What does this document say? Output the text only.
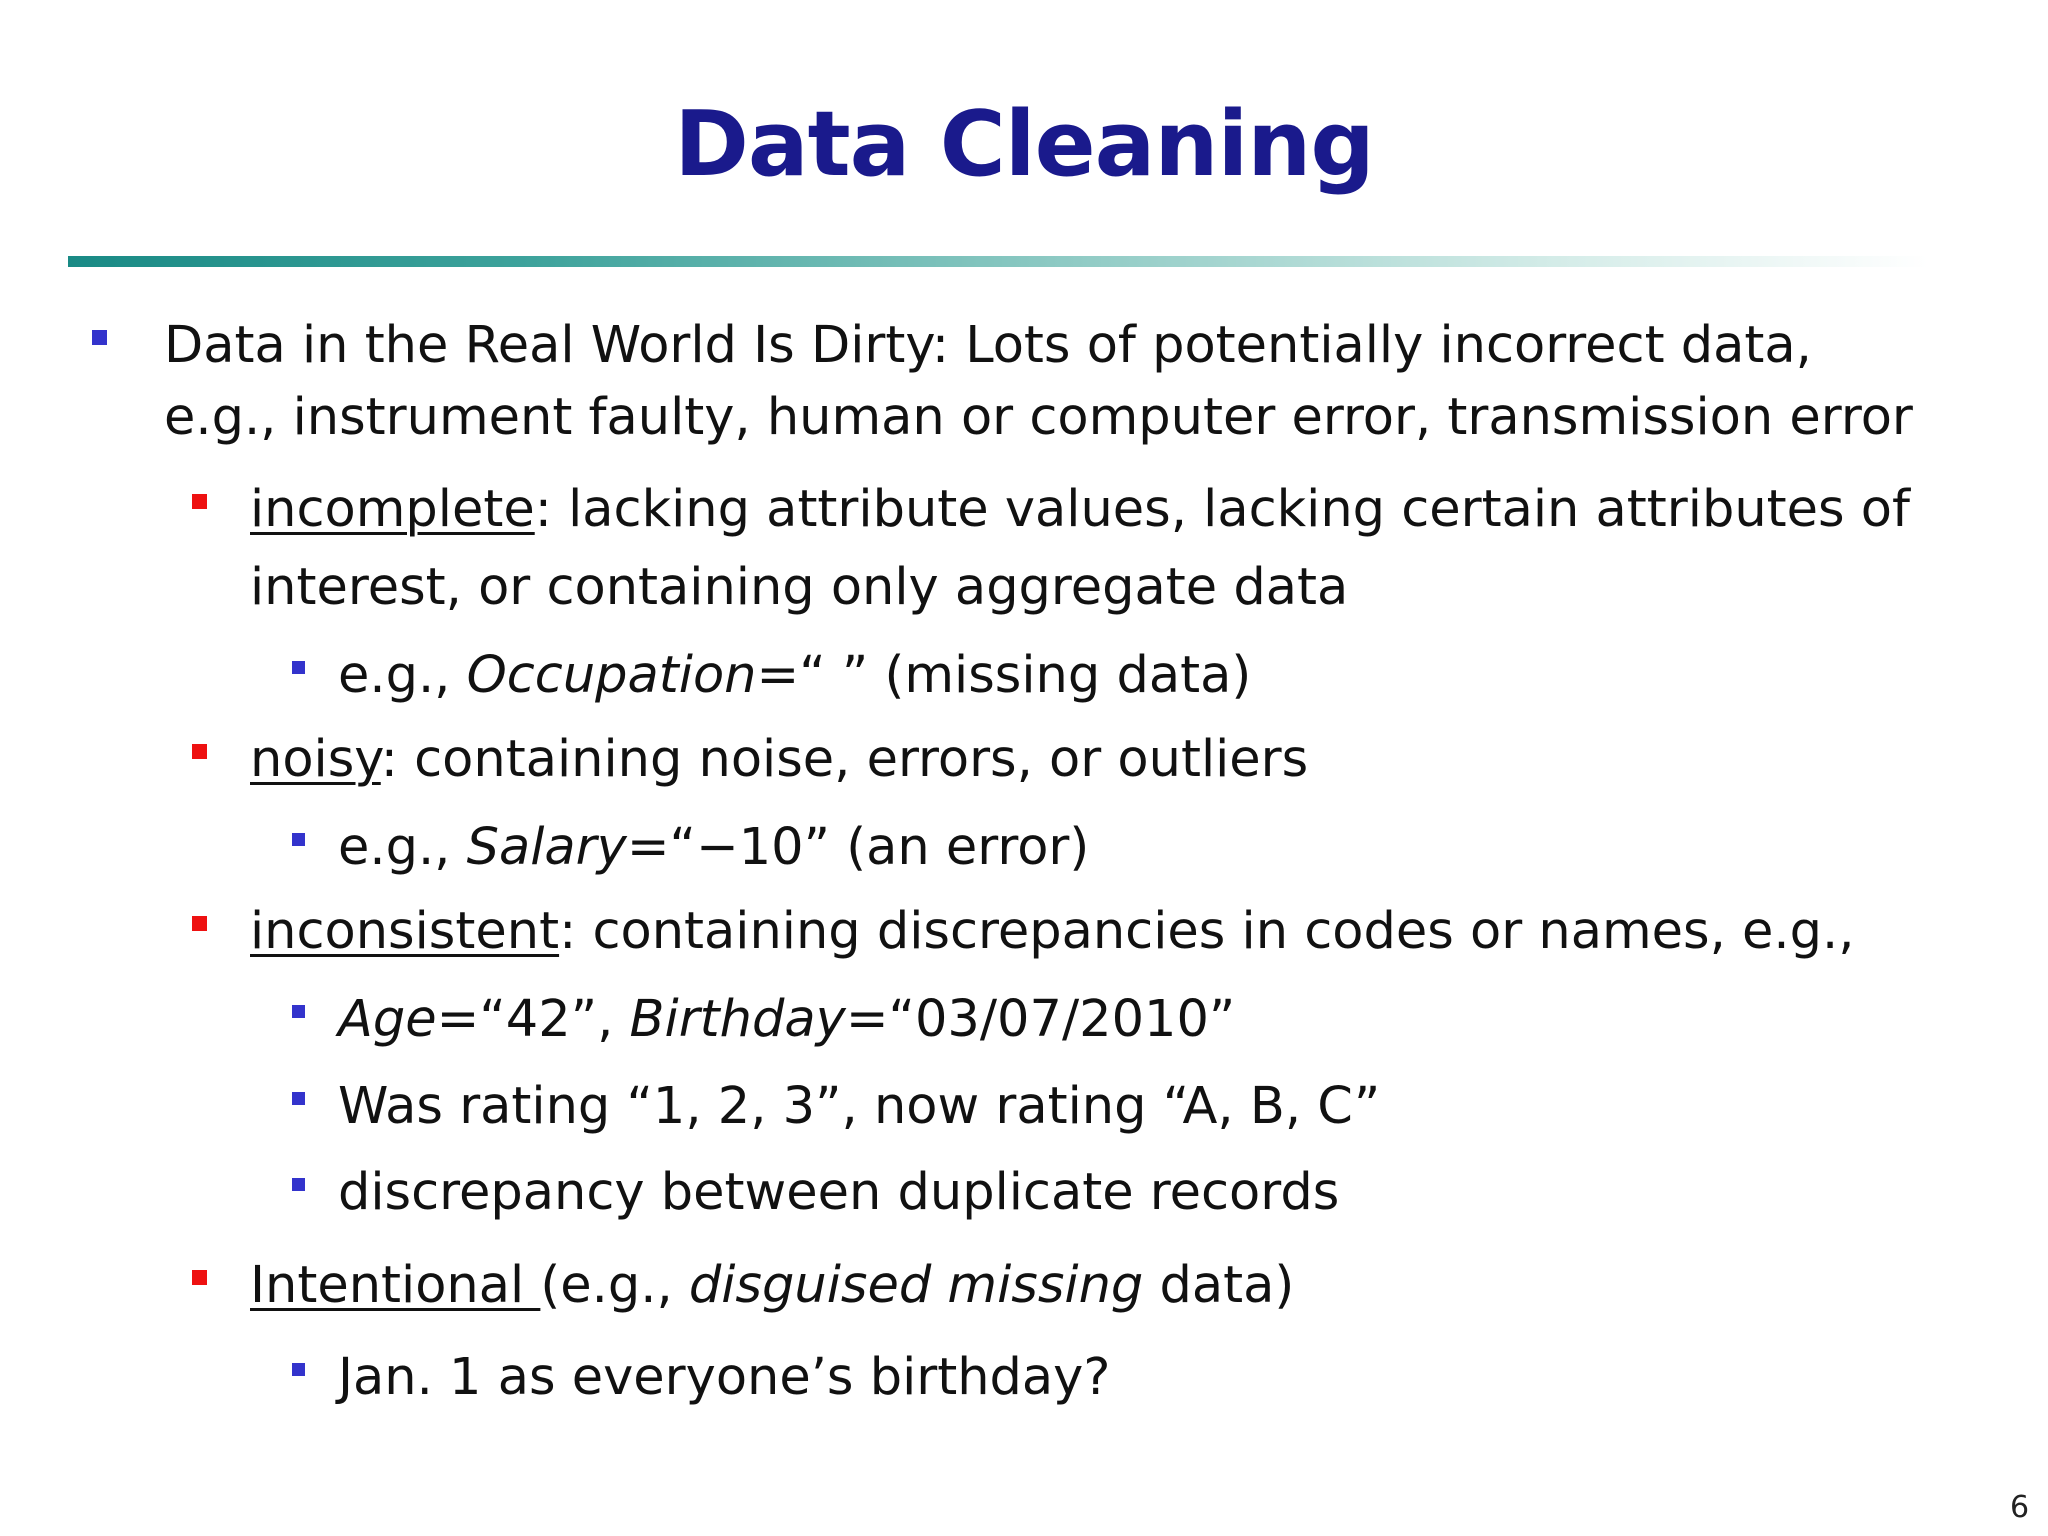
Data Cleaning
Data in the Real World Is Dirty: Lots of potentially incorrect data,
e.g., instrument faulty, human or computer error, transmission error
incomplete: lacking attribute values, lacking certain attributes of
interest, or containing only aggregate data
e.g., Occupation=“ ” (missing data)
noisy: containing noise, errors, or outliers
e.g., Salary=“−10” (an error)
inconsistent: containing discrepancies in codes or names, e.g.,
Age=“42”, Birthday=“03/07/2010”
Was rating “1, 2, 3”, now rating “A, B, C”
discrepancy between duplicate records
Intentional (e.g., disguised missing data)
Jan. 1 as everyone’s birthday?
6
